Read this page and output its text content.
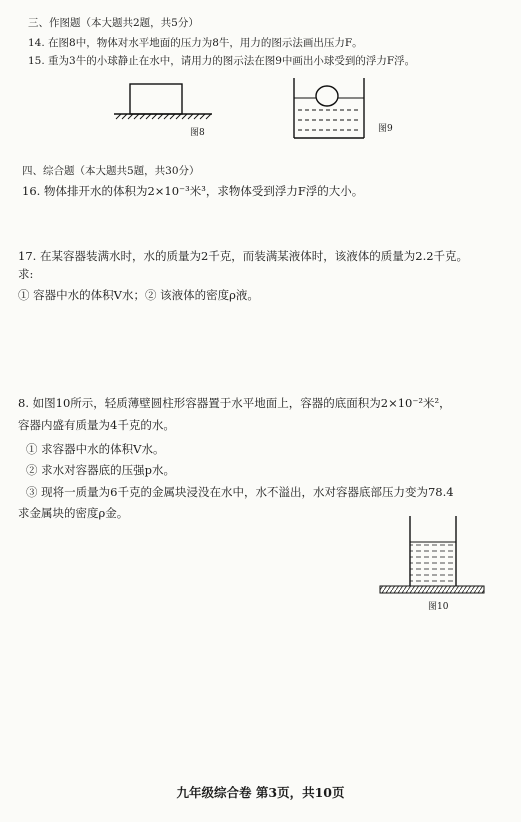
三、作图题（本大题共2题，共5分）
14. 在图8中，物体对水平地面的压力为8牛，用力的图示法画出压力F。
15. 重为3牛的小球静止在水中，请用力的图示法在图9中画出小球受到的浮力F浮。
图8	图9
四、综合题（本大题共5题，共30分）
16. 物体排开水的体积为2×10⁻³米³，求物体受到浮力F浮的大小。
17. 在某容器装满水时，水的质量为2千克，而装满某液体时，该液体的质量为2.2千克。
求:
① 容器中水的体积V水；② 该液体的密度ρ液。
8. 如图10所示，轻质薄壁圆柱形容器置于水平地面上，容器的底面积为2×10⁻²米²，
容器内盛有质量为4千克的水。
① 求容器中水的体积V水。
② 求水对容器底的压强p水。
③ 现将一质量为6千克的金属块浸没在水中，水不溢出，水对容器底部压力变为78.4
求金属块的密度ρ金。
图10
九年级综合卷 第3页，共10页
